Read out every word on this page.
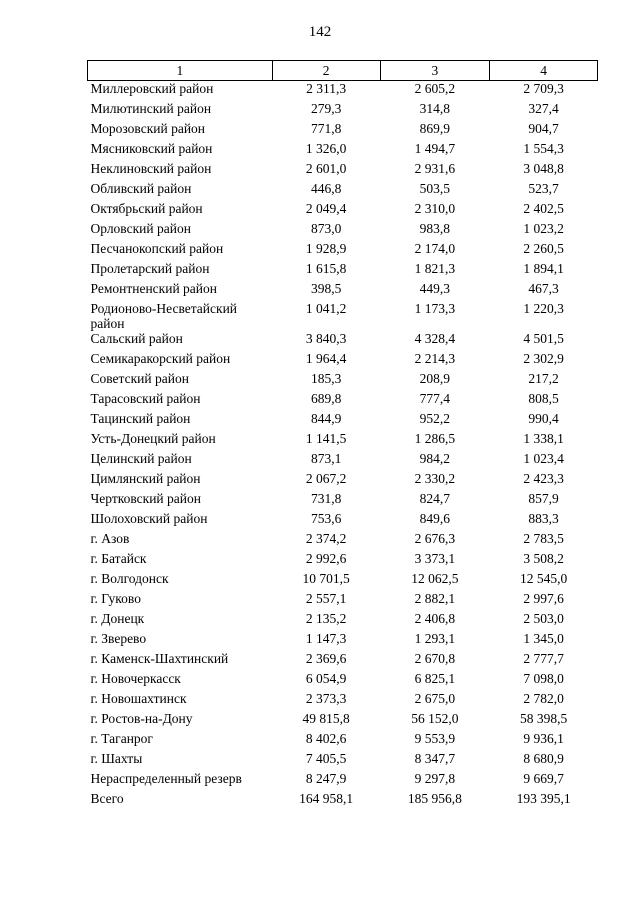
142
1	2	3	4
Миллеровский район	2 311,3	2 605,2	2 709,3
Милютинский район	279,3	314,8	327,4
Морозовский район	771,8	869,9	904,7
Мясниковский район	1 326,0	1 494,7	1 554,3
Неклиновский район	2 601,0	2 931,6	3 048,8
Обливский район	446,8	503,5	523,7
Октябрьский район	2 049,4	2 310,0	2 402,5
Орловский район	873,0	983,8	1 023,2
Песчанокопский район	1 928,9	2 174,0	2 260,5
Пролетарский район	1 615,8	1 821,3	1 894,1
Ремонтненский район	398,5	449,3	467,3
Родионово-Несветайский район	1 041,2	1 173,3	1 220,3
Сальский район	3 840,3	4 328,4	4 501,5
Семикаракорский район	1 964,4	2 214,3	2 302,9
Советский район	185,3	208,9	217,2
Тарасовский район	689,8	777,4	808,5
Тацинский район	844,9	952,2	990,4
Усть-Донецкий район	1 141,5	1 286,5	1 338,1
Целинский район	873,1	984,2	1 023,4
Цимлянский район	2 067,2	2 330,2	2 423,3
Чертковский район	731,8	824,7	857,9
Шолоховский район	753,6	849,6	883,3
г. Азов	2 374,2	2 676,3	2 783,5
г. Батайск	2 992,6	3 373,1	3 508,2
г. Волгодонск	10 701,5	12 062,5	12 545,0
г. Гуково	2 557,1	2 882,1	2 997,6
г. Донецк	2 135,2	2 406,8	2 503,0
г. Зверево	1 147,3	1 293,1	1 345,0
г. Каменск-Шахтинский	2 369,6	2 670,8	2 777,7
г. Новочеркасск	6 054,9	6 825,1	7 098,0
г. Новошахтинск	2 373,3	2 675,0	2 782,0
г. Ростов-на-Дону	49 815,8	56 152,0	58 398,5
г. Таганрог	8 402,6	9 553,9	9 936,1
г. Шахты	7 405,5	8 347,7	8 680,9
Нераспределенный резерв	8 247,9	9 297,8	9 669,7
Всего	164 958,1	185 956,8	193 395,1
